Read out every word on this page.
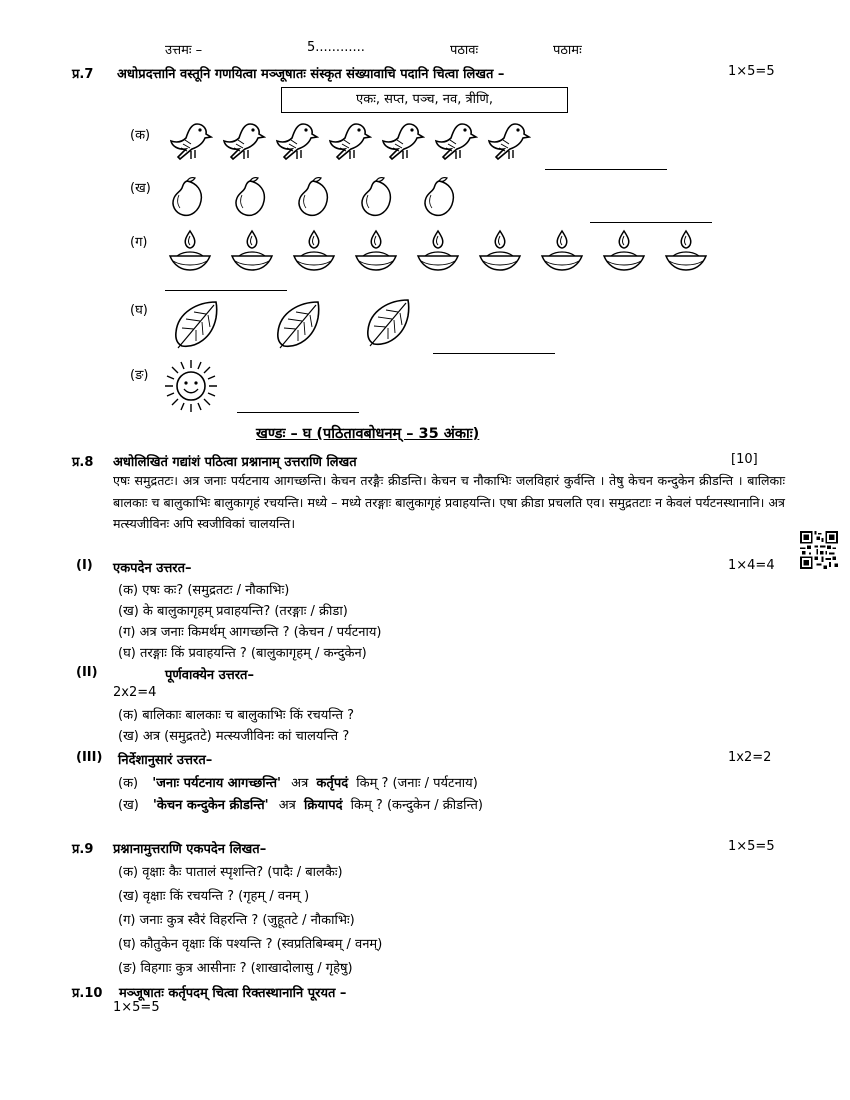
उत्तमः –	5............	पठावः	पठामः
प्र.7 अधोप्रदत्तानि वस्तूनि गणयित्वा मञ्जूषातः संस्कृत संख्यावाचि पदानि चित्वा लिखत –	1×5=5
एकः, सप्त, पञ्च, नव, त्रीणि,
(क)
(ख)
(ग)
(घ)
(ङ)
खण्डः – घ (पठितावबोधनम् – 35 अंकाः)
प्र.8 अधोलिखितं गद्यांशं पठित्वा प्रश्नानाम् उत्तराणि लिखत	[10]
एषः समुद्रतटः। अत्र जनाः पर्यटनाय आगच्छन्ति। केचन तरङ्गैः क्रीडन्ति। केचन च नौकाभिः जलविहारं कुर्वन्ति । तेषु केचन कन्दुकेन क्रीडन्ति । बालिकाः बालकाः च बालुकाभिः बालुकागृहं रचयन्ति। मध्ये – मध्ये तरङ्गाः बालुकागृहं प्रवाहयन्ति। एषा क्रीडा प्रचलति एव। समुद्रतटाः न केवलं पर्यटनस्थानानि। अत्र मत्स्यजीविनः अपि स्वजीविकां चालयन्ति।
(I) एकपदेन उत्तरत–	1×4=4
(क) एषः कः? (समुद्रतटः / नौकाभिः)
(ख) के बालुकागृहम् प्रवाहयन्ति? (तरङ्गाः / क्रीडा)
(ग) अत्र जनाः किमर्थम् आगच्छन्ति ? (केचन / पर्यटनाय)
(घ) तरङ्गाः किं प्रवाहयन्ति ? (बालुकागृहम् / कन्दुकेन)
(II)	पूर्णवाक्येन उत्तरत–
2x2=4
(क) बालिकाः बालकाः च बालुकाभिः किं रचयन्ति ?
(ख) अत्र (समुद्रतटे) मत्स्यजीविनः कां चालयन्ति ?
(III) निर्देशानुसारं उत्तरत–	1x2=2
(क) 'जनाः पर्यटनाय आगच्छन्ति' अत्र कर्तृपदं किम् ? (जनाः / पर्यटनाय)
(ख) 'केचन कन्दुकेन क्रीडन्ति' अत्र क्रियापदं किम् ? (कन्दुकेन / क्रीडन्ति)
प्र.9 प्रश्नानामुत्तराणि एकपदेन लिखत–	1×5=5
(क) वृक्षाः कैः पातालं स्पृशन्ति? (पादैः / बालकैः)
(ख) वृक्षाः किं रचयन्ति ? (गृहम् / वनम् )
(ग) जनाः कुत्र स्वैरं विहरन्ति ? (जुहूतटे / नौकाभिः)
(घ) कौतुकेन वृक्षाः किं पश्यन्ति ? (स्वप्रतिबिम्बम् / वनम्)
(ङ) विहगाः कुत्र आसीनाः ? (शाखादोलासु / गृहेषु)
प्र.10 मञ्जूषातः कर्तृपदम् चित्वा रिक्तस्थानानि पूरयत –
1×5=5
